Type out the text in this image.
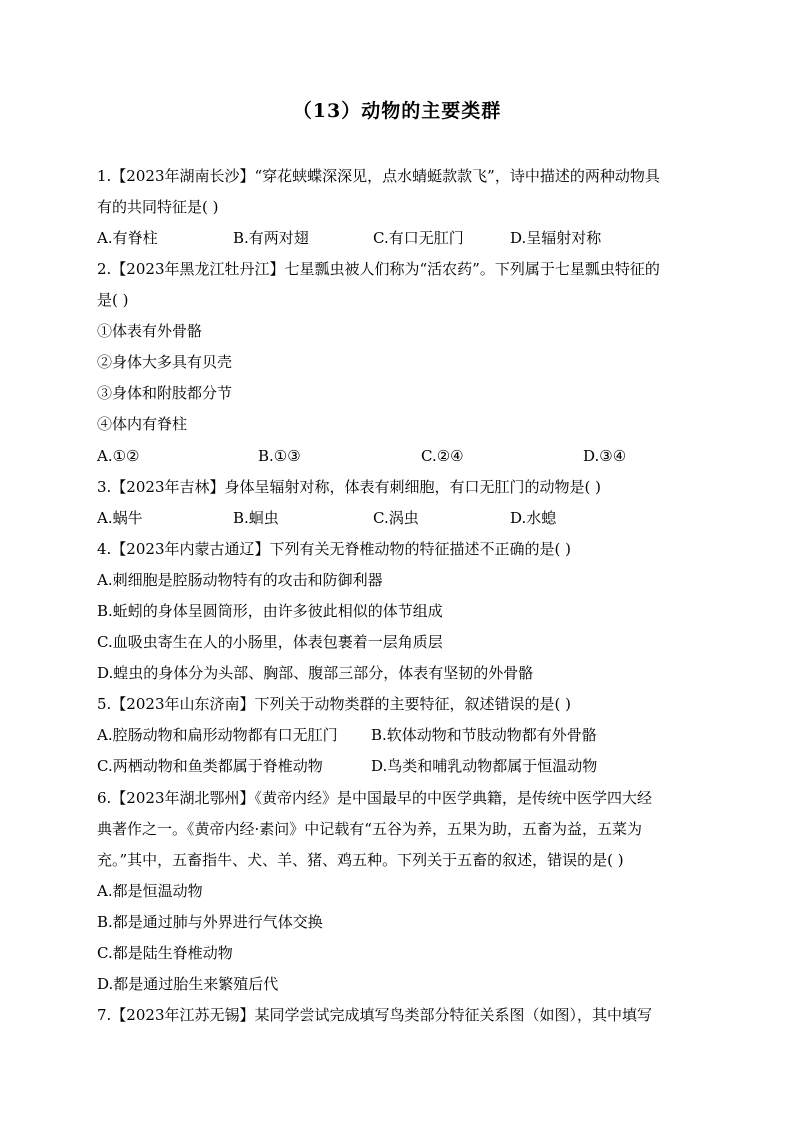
（13）动物的主要类群
1.【2023年湖南长沙】“穿花蛱蝶深深见，点水蜻蜓款款飞”，诗中描述的两种动物具
有的共同特征是( )
A.有脊柱	B.有两对翅	C.有口无肛门	D.呈辐射对称
2.【2023年黑龙江牡丹江】七星瓢虫被人们称为“活农药”。下列属于七星瓢虫特征的
是( )
①体表有外骨骼
②身体大多具有贝壳
③身体和附肢都分节
④体内有脊柱
A.①②	B.①③	C.②④	D.③④
3.【2023年吉林】身体呈辐射对称，体表有刺细胞，有口无肛门的动物是( )
A.蜗牛	B.蛔虫	C.涡虫	D.水螅
4.【2023年内蒙古通辽】下列有关无脊椎动物的特征描述不正确的是( )
A.刺细胞是腔肠动物特有的攻击和防御利器
B.蚯蚓的身体呈圆筒形，由许多彼此相似的体节组成
C.血吸虫寄生在人的小肠里，体表包裹着一层角质层
D.蝗虫的身体分为头部、胸部、腹部三部分，体表有坚韧的外骨骼
5.【2023年山东济南】下列关于动物类群的主要特征，叙述错误的是( )
A.腔肠动物和扁形动物都有口无肛门 B.软体动物和节肢动物都有外骨骼
C.两栖动物和鱼类都属于脊椎动物	D.鸟类和哺乳动物都属于恒温动物
6.【2023年湖北鄂州】《黄帝内经》是中国最早的中医学典籍，是传统中医学四大经
典著作之一。《黄帝内经·素问》中记载有“五谷为养，五果为助，五畜为益，五菜为
充。”其中，五畜指牛、犬、羊、猪、鸡五种。下列关于五畜的叙述，错误的是( )
A.都是恒温动物
B.都是通过肺与外界进行气体交换
C.都是陆生脊椎动物
D.都是通过胎生来繁殖后代
7.【2023年江苏无锡】某同学尝试完成填写鸟类部分特征关系图（如图），其中填写
